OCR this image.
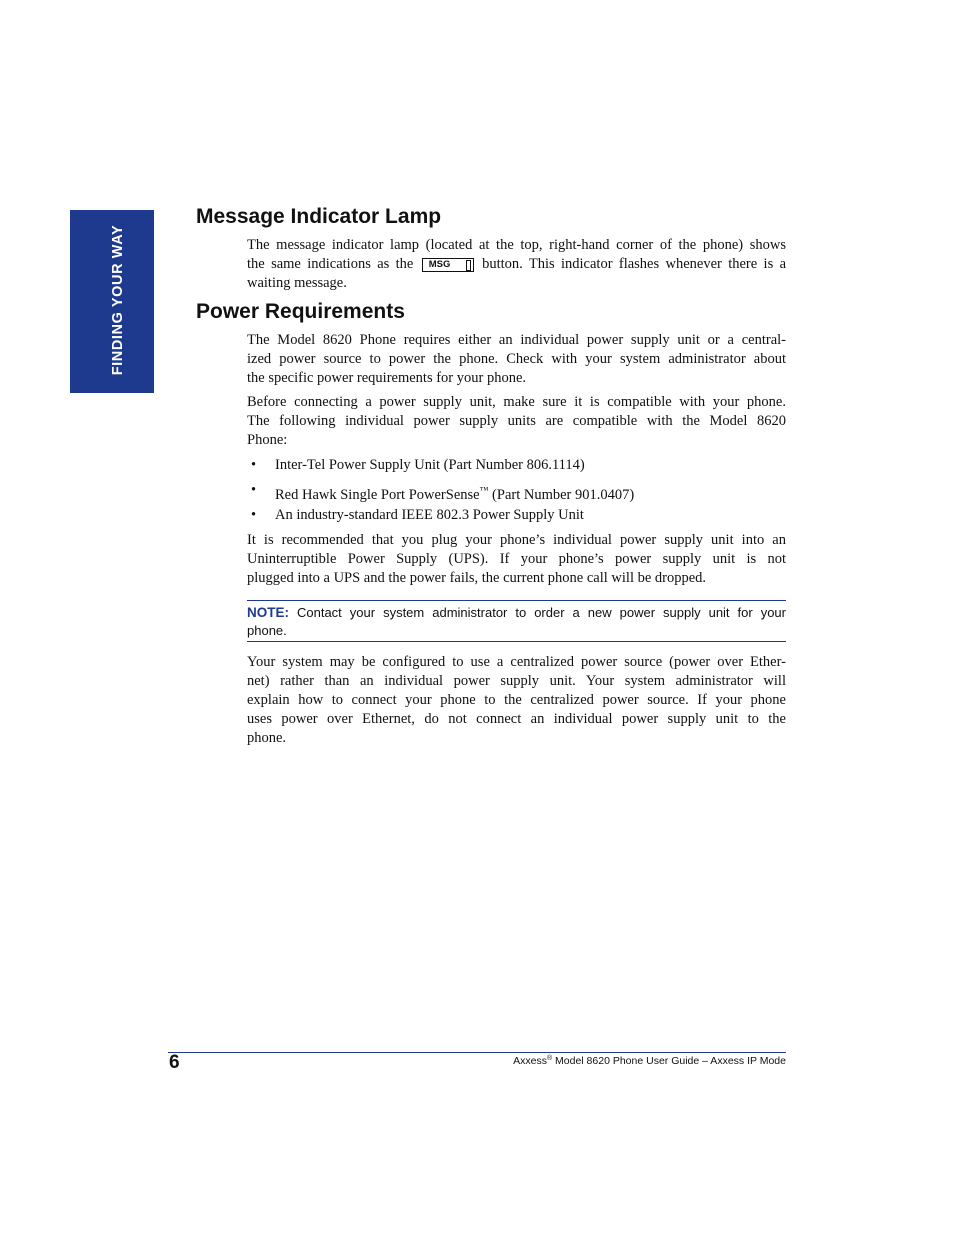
FINDING YOUR WAY
Message Indicator Lamp
The message indicator lamp (located at the top, right-hand corner of the phone) shows
the same indications as the MSG button. This indicator flashes whenever there is a
waiting message.
Power Requirements
The Model 8620 Phone requires either an individual power supply unit or a central-
ized power source to power the phone. Check with your system administrator about
the specific power requirements for your phone.
Before connecting a power supply unit, make sure it is compatible with your phone.
The following individual power supply units are compatible with the Model 8620
Phone:
• Inter-Tel Power Supply Unit (Part Number 806.1114)
• Red Hawk Single Port PowerSense™ (Part Number 901.0407)
• An industry-standard IEEE 802.3 Power Supply Unit
It is recommended that you plug your phone’s individual power supply unit into an
Uninterruptible Power Supply (UPS). If your phone’s power supply unit is not
plugged into a UPS and the power fails, the current phone call will be dropped.
NOTE: Contact your system administrator to order a new power supply unit for your
phone.
Your system may be configured to use a centralized power source (power over Ether-
net) rather than an individual power supply unit. Your system administrator will
explain how to connect your phone to the centralized power source. If your phone
uses power over Ethernet, do not connect an individual power supply unit to the
phone.
6	Axxess® Model 8620 Phone User Guide – Axxess IP Mode
